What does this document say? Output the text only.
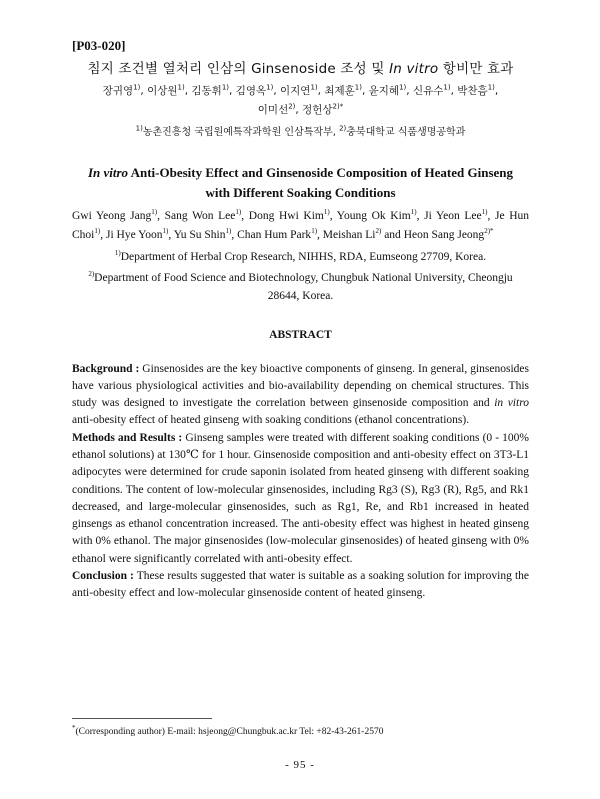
[P03-020]

침지 조건별 열처리 인삼의 Ginsenoside 조성 및 In vitro 항비만 효과

장귀영$^{1)}$, 이상원$^{1)}$, 김동휘$^{1)}$, 김영옥$^{1)}$, 이지연$^{1)}$, 최제훈$^{1)}$, 윤지혜$^{1)}$, 신유수$^{1)}$, 박찬흠$^{1)}$,
이미선$^{2)}$, 정헌상$^{2)*}$

$^{1)}$농촌진흥청 국립원예특작과학원 인삼특작부, $^{2)}$충북대학교 식품생명공학과

In vitro Anti-Obesity Effect and Ginsenoside Composition of Heated Ginseng
with Different Soaking Conditions

Gwi Yeong Jang$^{1)}$, Sang Won Lee$^{1)}$, Dong Hwi Kim$^{1)}$, Young Ok Kim$^{1)}$, Ji Yeon Lee$^{1)}$, Je Hun Choi$^{1)}$, Ji Hye Yoon$^{1)}$, Yu Su Shin$^{1)}$, Chan Hum Park$^{1)}$, Meishan Li$^{2)}$ and Heon Sang Jeong$^{2)*}$

$^{1)}$Department of Herbal Crop Research, NIHHS, RDA, Eumseong 27709, Korea.

$^{2)}$Department of Food Science and Biotechnology, Chungbuk National University, Cheongju
28644, Korea.

ABSTRACT

Background : Ginsenosides are the key bioactive components of ginseng. In general, ginsenosides have various physiological activities and bio-availability depending on chemical structures. This study was designed to investigate the correlation between ginsenoside composition and in vitro anti-obesity effect of heated ginseng with soaking conditions (ethanol concentrations).

Methods and Results : Ginseng samples were treated with different soaking conditions (0 - 100% ethanol solutions) at 130℃ for 1 hour. Ginsenoside composition and anti-obesity effect on 3T3-L1 adipocytes were determined for crude saponin isolated from heated ginseng with different soaking conditions. The content of low-molecular ginsenosides, including Rg3 (S), Rg3 (R), Rg5, and Rk1 decreased, and large-molecular ginsenosides, such as Rg1, Re, and Rb1 increased in heated ginsengs as ethanol concentration increased. The anti-obesity effect was highest in heated ginseng with 0% ethanol. The major ginsenosides (low-molecular ginsenosides) of heated ginseng with 0% ethanol were significantly correlated with anti-obesity effect.

Conclusion : These results suggested that water is suitable as a soaking solution for improving the anti-obesity effect and low-molecular ginsenoside content of heated ginseng.

*(Corresponding author) E-mail: hsjeong@Chungbuk.ac.kr Tel: +82-43-261-2570
- 95 -
